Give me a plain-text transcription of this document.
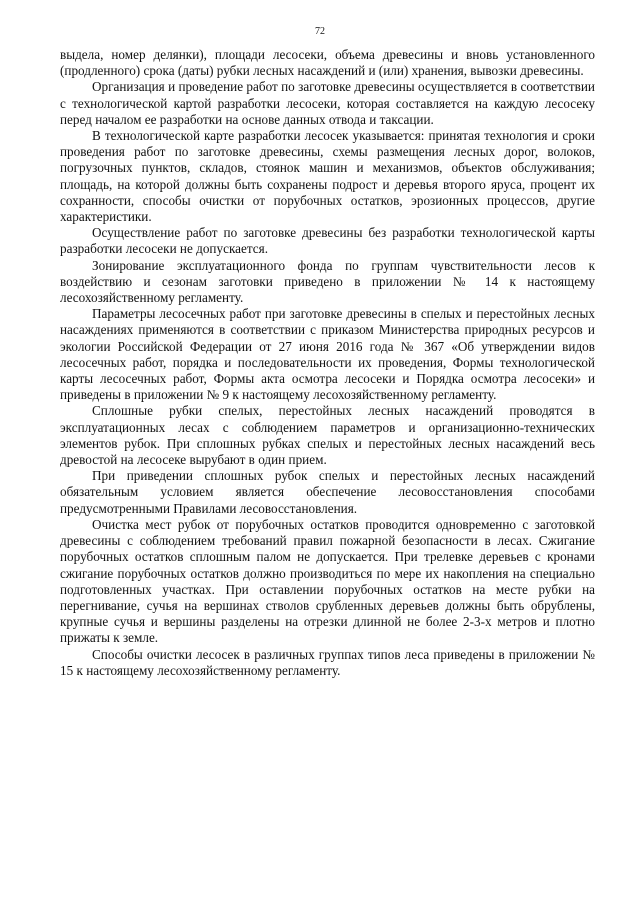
72

выдела, номер делянки), площади лесосеки, объема древесины и вновь установленного (продленного) срока (даты) рубки лесных насаждений и (или) хранения, вывозки древесины.

Организация и проведение работ по заготовке древесины осуществляется в соответствии с технологической картой разработки лесосеки, которая составляется на каждую лесосеку перед началом ее разработки на основе данных отвода и таксации.

В технологической карте разработки лесосек указывается: принятая технология и сроки проведения работ по заготовке древесины, схемы размещения лесных дорог, волоков, погрузочных пунктов, складов, стоянок машин и механизмов, объектов обслуживания; площадь, на которой должны быть сохранены подрост и деревья второго яруса, процент их сохранности, способы очистки от порубочных остатков, эрозионных процессов, другие характеристики.

Осуществление работ по заготовке древесины без разработки технологической карты разработки лесосеки не допускается.

Зонирование эксплуатационного фонда по группам чувствительности лесов к воздействию и сезонам заготовки приведено в приложении № 14 к настоящему лесохозяйственному регламенту.

Параметры лесосечных работ при заготовке древесины в спелых и перестойных лесных насаждениях применяются в соответствии с приказом Министерства природных ресурсов и экологии Российской Федерации от 27 июня 2016 года № 367 «Об утверждении видов лесосечных работ, порядка и последовательности их проведения, Формы технологической карты лесосечных работ, Формы акта осмотра лесосеки и Порядка осмотра лесосеки» и приведены в приложении № 9 к настоящему лесохозяйственному регламенту.

Сплошные рубки спелых, перестойных лесных насаждений проводятся в эксплуатационных лесах с соблюдением параметров и организационно-технических элементов рубок. При сплошных рубках спелых и перестойных лесных насаждений весь древостой на лесосеке вырубают в один прием.

При приведении сплошных рубок спелых и перестойных лесных насаждений обязательным условием является обеспечение лесовосстановления способами предусмотренными Правилами лесовосстановления.

Очистка мест рубок от порубочных остатков проводится одновременно с заготовкой древесины с соблюдением требований правил пожарной безопасности в лесах. Сжигание порубочных остатков сплошным палом не допускается. При трелевке деревьев с кронами сжигание порубочных остатков должно производиться по мере их накопления на специально подготовленных участках. При оставлении порубочных остатков на месте рубки на перегнивание, сучья на вершинах стволов срубленных деревьев должны быть обрублены, крупные сучья и вершины разделены на отрезки длинной не более 2-3-х метров и плотно прижаты к земле.

Способы очистки лесосек в различных группах типов леса приведены в приложении № 15 к настоящему лесохозяйственному регламенту.
